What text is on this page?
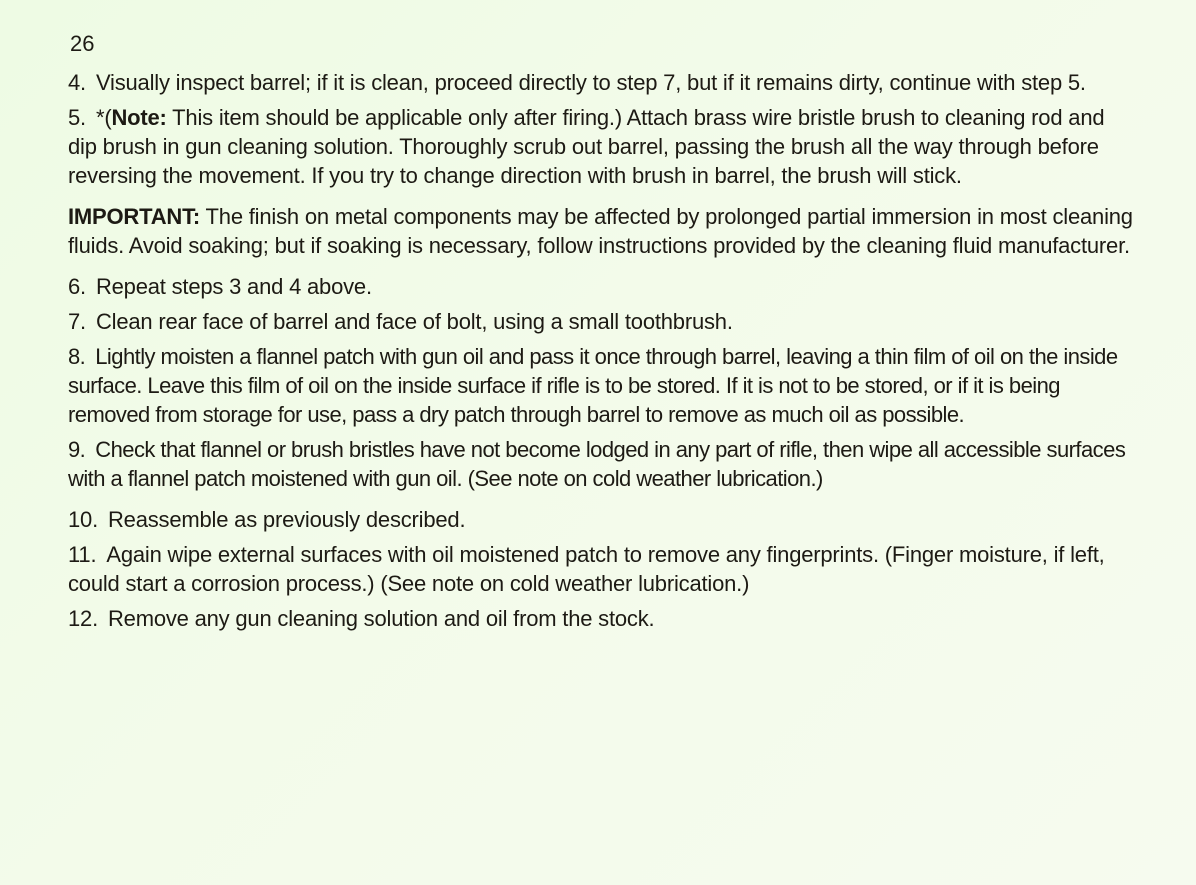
26

4. Visually inspect barrel; if it is clean, proceed directly to step 7, but if it remains dirty, continue with step 5.

5. *(Note: This item should be applicable only after firing.) Attach brass wire bristle brush to cleaning rod and dip brush in gun cleaning solution. Thoroughly scrub out barrel, passing the brush all the way through before reversing the movement. If you try to change direction with brush in barrel, the brush will stick.

IMPORTANT: The finish on metal components may be affected by prolonged partial immersion in most cleaning fluids. Avoid soaking; but if soaking is necessary, follow instructions provided by the cleaning fluid manufacturer.

6. Repeat steps 3 and 4 above.

7. Clean rear face of barrel and face of bolt, using a small toothbrush.

8. Lightly moisten a flannel patch with gun oil and pass it once through barrel, leaving a thin film of oil on the inside surface. Leave this film of oil on the inside surface if rifle is to be stored. If it is not to be stored, or if it is being removed from storage for use, pass a dry patch through barrel to remove as much oil as possible.

9. Check that flannel or brush bristles have not become lodged in any part of rifle, then wipe all accessible surfaces with a flannel patch moistened with gun oil. (See note on cold weather lubrication.)

10. Reassemble as previously described.

11. Again wipe external surfaces with oil moistened patch to remove any fingerprints. (Finger moisture, if left, could start a corrosion process.) (See note on cold weather lubrication.)

12. Remove any gun cleaning solution and oil from the stock.
